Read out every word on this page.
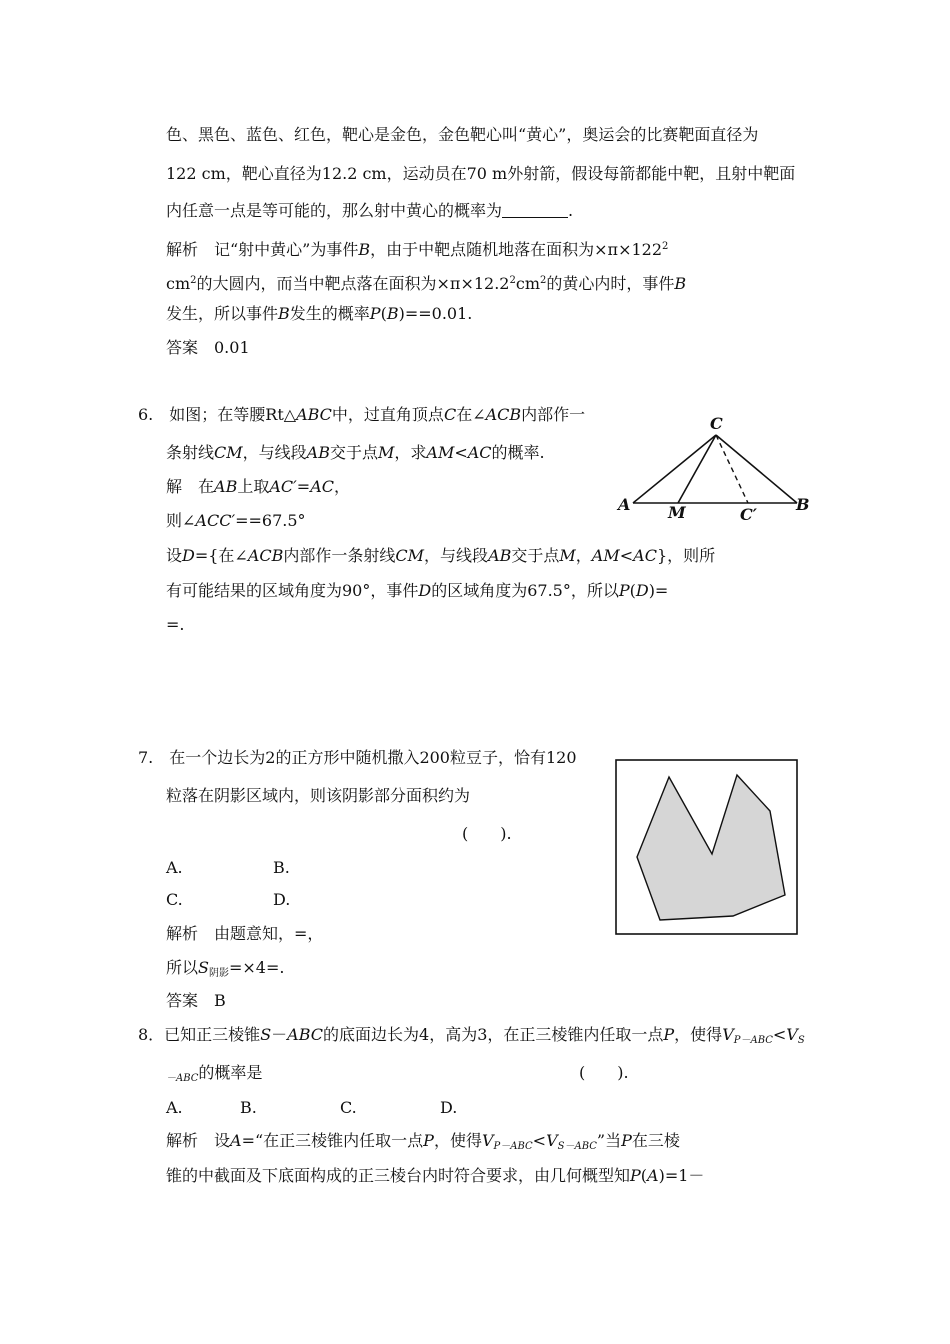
色、黑色、蓝色、红色，靶心是金色，金色靶心叫“黄心”，奥运会的比赛靶面直径为
122 cm，靶心直径为12.2 cm，运动员在70 m外射箭，假设每箭都能中靶，且射中靶面
内任意一点是等可能的，那么射中黄心的概率为	.
解析　记“射中黄心”为事件B，由于中靶点随机地落在面积为$\times\pi\times 122^2$
$cm^2$的大圆内，而当中靶点落在面积为$\times\pi\times 12.2^2cm^2$的黄心内时，事件B
发生，所以事件B发生的概率P(B)==0.01.
答案　0.01
6.　如图；在等腰Rt△ABC中，过直角顶点C在∠ACB内部作一
条射线CM，与线段AB交于点M，求AM<AC的概率.
解　在AB上取AC′=AC，
则∠ACC′==67.5°
设D={在∠ACB内部作一条射线CM，与线段AB交于点M，AM<AC}，则所
有可能结果的区域角度为90°，事件D的区域角度为67.5°，所以P(D)=
=.
C
A M	C′
B
7.　在一个边长为2的正方形中随机撒入200粒豆子，恰有120
粒落在阴影区域内，则该阴影部分面积约为
(　　).
A.	B.
C.	D.
解析　由题意知，=，
所以$S_{阴影}=\times 4=$.
答案　B
8．已知正三棱锥S－ABC的底面边长为4，高为3，在正三棱锥内任取一点P，使得$V_{P-ABC}<V_S$
$_{-ABC}$的概率是	(　　).
A.	B.	C.	D.
解析　设A=“在正三棱锥内任取一点P，使得$V_{P-ABC}<V_{S-ABC}$”当P在三棱
锥的中截面及下底面构成的正三棱台内时符合要求，由几何概型知P(A)=1－
